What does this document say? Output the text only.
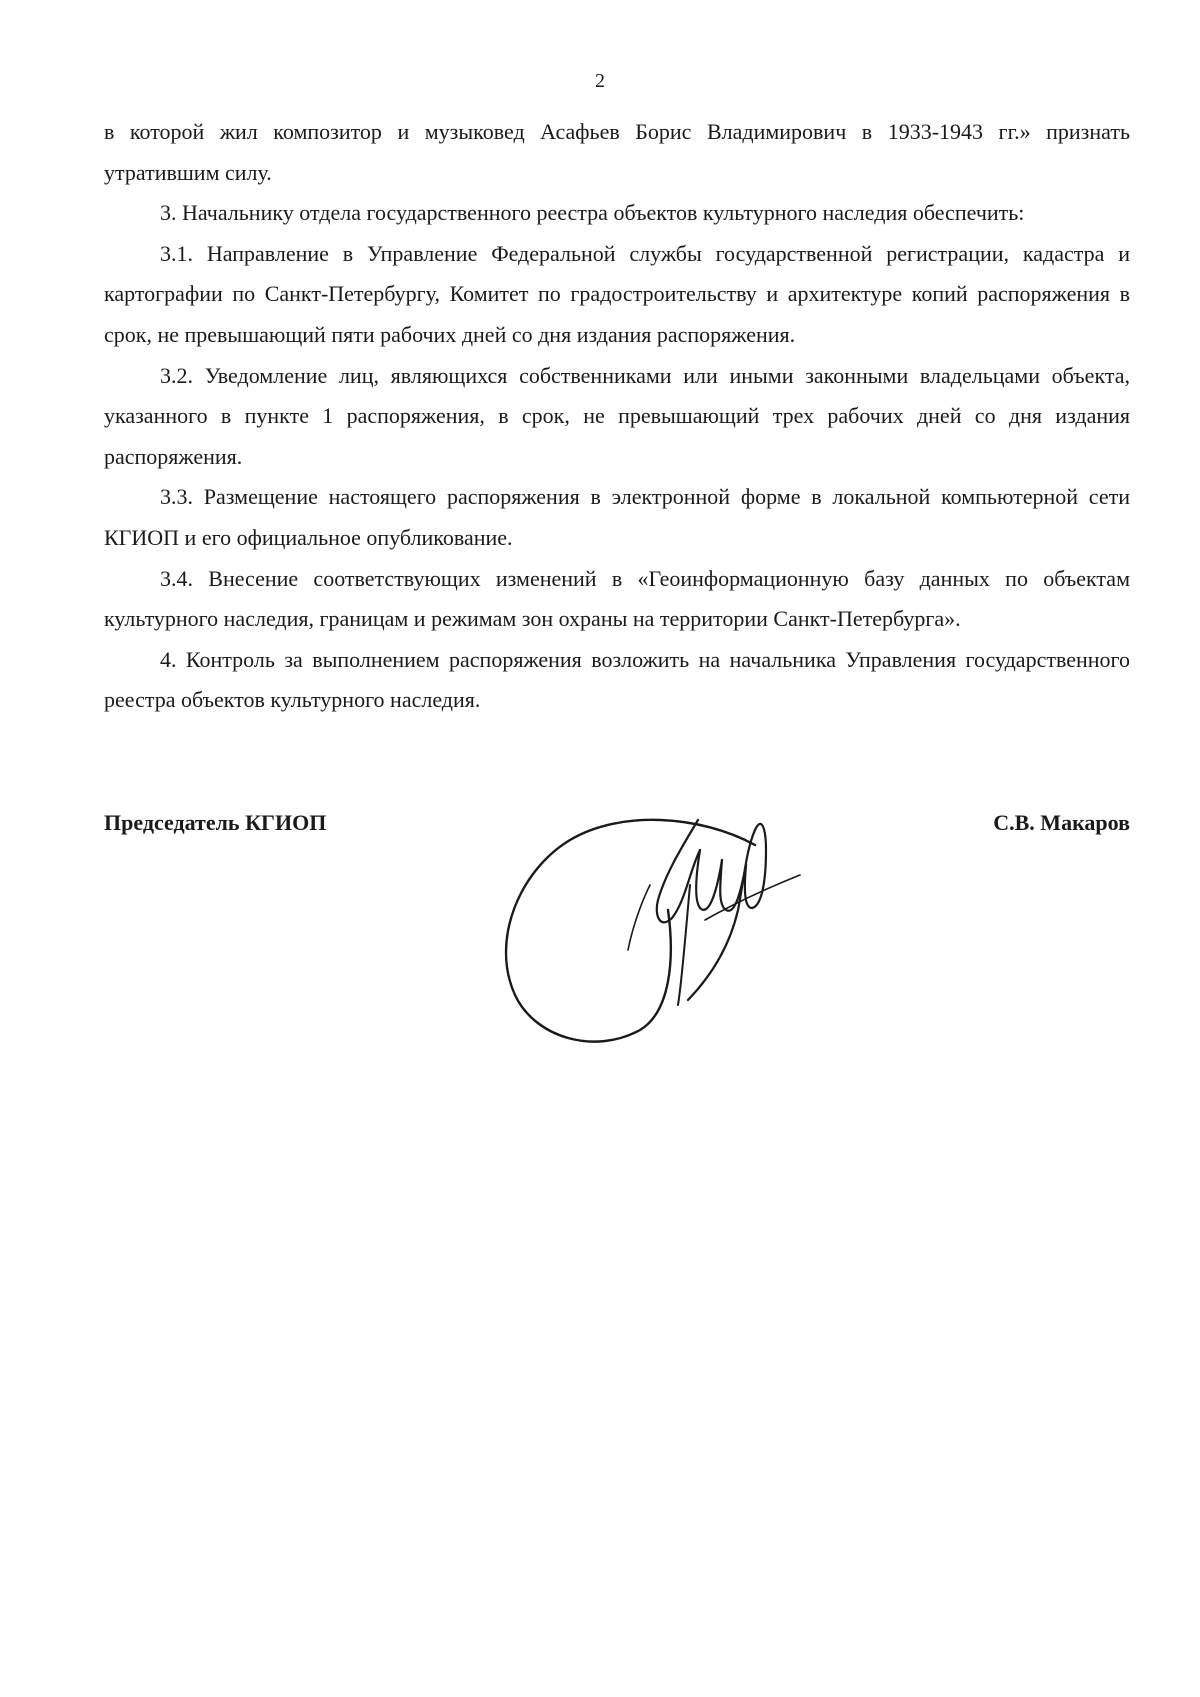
2

в которой жил композитор и музыковед Асафьев Борис Владимирович в 1933-1943 гг.» признать утратившим силу.

3. Начальнику отдела государственного реестра объектов культурного наследия обеспечить:

3.1. Направление в Управление Федеральной службы государственной регистрации, кадастра и картографии по Санкт-Петербургу, Комитет по градостроительству и архитектуре копий распоряжения в срок, не превышающий пяти рабочих дней со дня издания распоряжения.

3.2. Уведомление лиц, являющихся собственниками или иными законными владельцами объекта, указанного в пункте 1 распоряжения, в срок, не превышающий трех рабочих дней со дня издания распоряжения.

3.3. Размещение настоящего распоряжения в электронной форме в локальной компьютерной сети КГИОП и его официальное опубликование.

3.4. Внесение соответствующих изменений в «Геоинформационную базу данных по объектам культурного наследия, границам и режимам зон охраны на территории Санкт-Петербурга».

4. Контроль за выполнением распоряжения возложить на начальника Управления государственного реестра объектов культурного наследия.

Председатель КГИОП	С.В. Макаров
